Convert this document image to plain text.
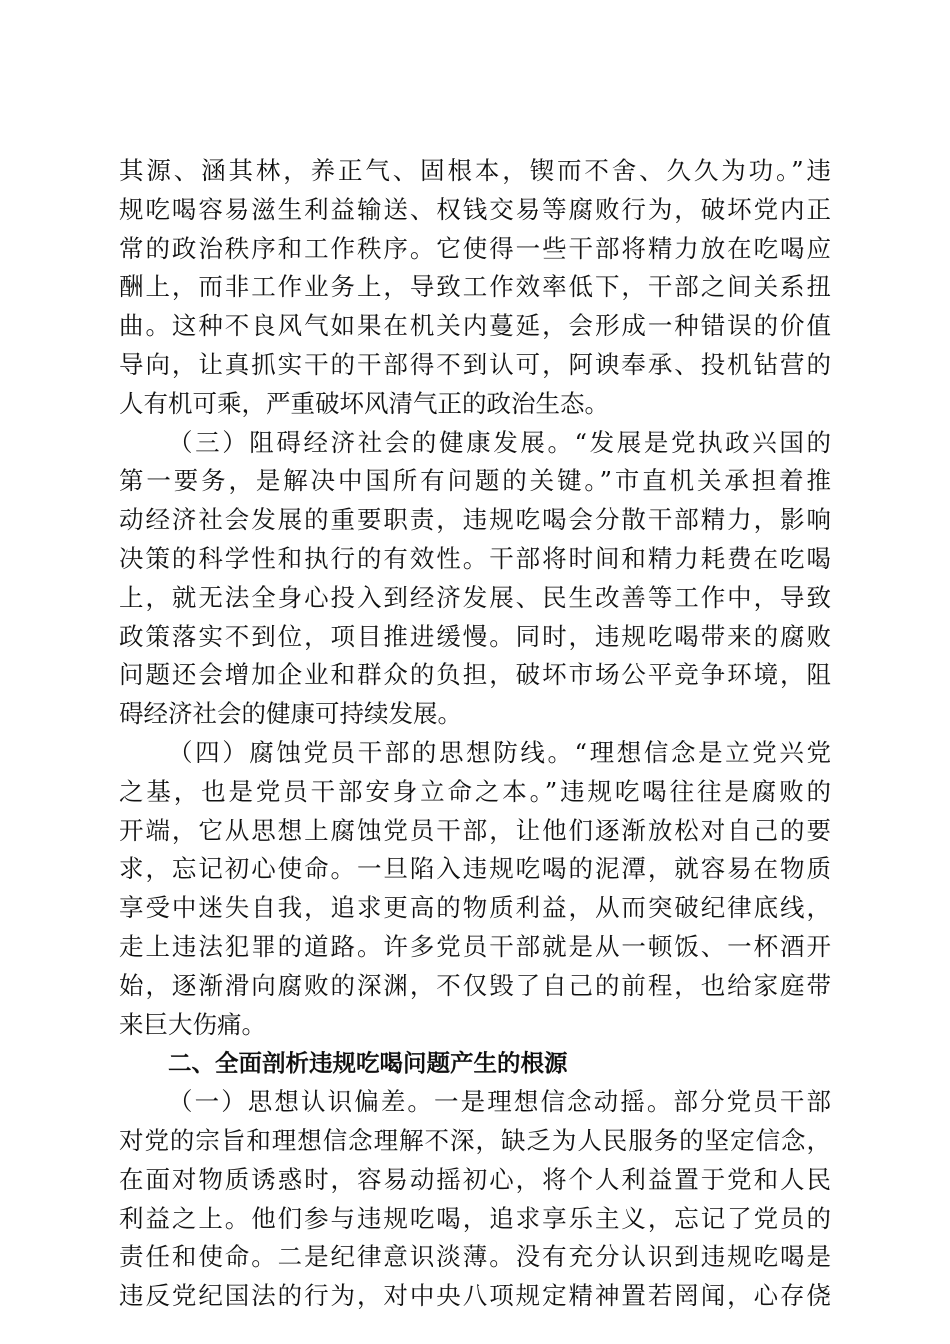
其源、涵其林，养正气、固根本，锲而不舍、久久为功。”违
规吃喝容易滋生利益输送、权钱交易等腐败行为，破坏党内正
常的政治秩序和工作秩序。它使得一些干部将精力放在吃喝应
酬上，而非工作业务上，导致工作效率低下，干部之间关系扭
曲。这种不良风气如果在机关内蔓延，会形成一种错误的价值
导向，让真抓实干的干部得不到认可，阿谀奉承、投机钻营的
人有机可乘，严重破坏风清气正的政治生态。
（三）阻碍经济社会的健康发展。“发展是党执政兴国的
第一要务，是解决中国所有问题的关键。”市直机关承担着推
动经济社会发展的重要职责，违规吃喝会分散干部精力，影响
决策的科学性和执行的有效性。干部将时间和精力耗费在吃喝
上，就无法全身心投入到经济发展、民生改善等工作中，导致
政策落实不到位，项目推进缓慢。同时，违规吃喝带来的腐败
问题还会增加企业和群众的负担，破坏市场公平竞争环境，阻
碍经济社会的健康可持续发展。
（四）腐蚀党员干部的思想防线。“理想信念是立党兴党
之基，也是党员干部安身立命之本。”违规吃喝往往是腐败的
开端，它从思想上腐蚀党员干部，让他们逐渐放松对自己的要
求，忘记初心使命。一旦陷入违规吃喝的泥潭，就容易在物质
享受中迷失自我，追求更高的物质利益，从而突破纪律底线，
走上违法犯罪的道路。许多党员干部就是从一顿饭、一杯酒开
始，逐渐滑向腐败的深渊，不仅毁了自己的前程，也给家庭带
来巨大伤痛。
二、全面剖析违规吃喝问题产生的根源
（一）思想认识偏差。一是理想信念动摇。部分党员干部
对党的宗旨和理想信念理解不深，缺乏为人民服务的坚定信念，
在面对物质诱惑时，容易动摇初心，将个人利益置于党和人民
利益之上。他们参与违规吃喝，追求享乐主义，忘记了党员的
责任和使命。二是纪律意识淡薄。没有充分认识到违规吃喝是
违反党纪国法的行为，对中央八项规定精神置若罔闻，心存侥
